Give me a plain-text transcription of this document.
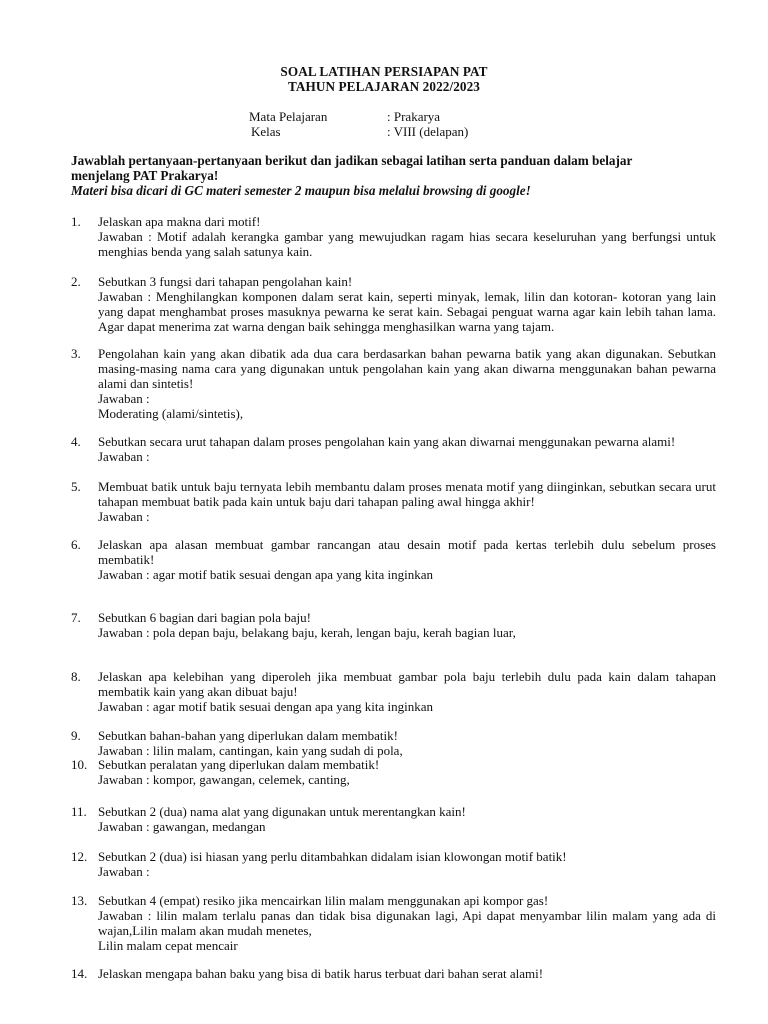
SOAL LATIHAN PERSIAPAN PAT
TAHUN PELAJARAN 2022/2023
Mata Pelajaran	: Prakarya
Kelas	: VIII (delapan)
Jawablah pertanyaan-pertanyaan berikut dan jadikan sebagai latihan serta panduan dalam belajar
menjelang PAT Prakarya!
Materi bisa dicari di GC materi semester 2 maupun bisa melalui browsing di google!
1.	Jelaskan apa makna dari motif!
Jawaban : Motif adalah kerangka gambar yang mewujudkan ragam hias secara keseluruhan yang berfungsi untuk menghias benda yang salah satunya kain.
2.	Sebutkan 3 fungsi dari tahapan pengolahan kain!
Jawaban : Menghilangkan komponen dalam serat kain, seperti minyak, lemak, lilin dan kotoran- kotoran yang lain yang dapat menghambat proses masuknya pewarna ke serat kain. Sebagai penguat warna agar kain lebih tahan lama. Agar dapat menerima zat warna dengan baik sehingga menghasilkan warna yang tajam.
3.	Pengolahan kain yang akan dibatik ada dua cara berdasarkan bahan pewarna batik yang akan digunakan. Sebutkan masing-masing nama cara yang digunakan untuk pengolahan kain yang akan diwarna menggunakan bahan pewarna alami dan sintetis!
Jawaban :
Moderating (alami/sintetis),
4.	Sebutkan secara urut tahapan dalam proses pengolahan kain yang akan diwarnai menggunakan pewarna alami!
Jawaban :
5.	Membuat batik untuk baju ternyata lebih membantu dalam proses menata motif yang diinginkan, sebutkan secara urut tahapan membuat batik pada kain untuk baju dari tahapan paling awal hingga akhir!
Jawaban :
6.	Jelaskan apa alasan membuat gambar rancangan atau desain motif pada kertas terlebih dulu sebelum proses membatik!
Jawaban : agar motif batik sesuai dengan apa yang kita inginkan
7.	Sebutkan 6 bagian dari bagian pola baju!
Jawaban : pola depan baju, belakang baju, kerah, lengan baju, kerah bagian luar,
8.	Jelaskan apa kelebihan yang diperoleh jika membuat gambar pola baju terlebih dulu pada kain dalam tahapan membatik kain yang akan dibuat baju!
Jawaban : agar motif batik sesuai dengan apa yang kita inginkan
9.	Sebutkan bahan-bahan yang diperlukan dalam membatik!
Jawaban : lilin malam, cantingan, kain yang sudah di pola,
10. Sebutkan peralatan yang diperlukan dalam membatik!
Jawaban : kompor, gawangan, celemek, canting,
11. Sebutkan 2 (dua) nama alat yang digunakan untuk merentangkan kain!
Jawaban : gawangan, medangan
12. Sebutkan 2 (dua) isi hiasan yang perlu ditambahkan didalam isian klowongan motif batik!
Jawaban :
13. Sebutkan 4 (empat) resiko jika mencairkan lilin malam menggunakan api kompor gas!
Jawaban : lilin malam terlalu panas dan tidak bisa digunakan lagi, Api dapat menyambar lilin malam yang ada di wajan,Lilin malam akan mudah menetes,
Lilin malam cepat mencair
14. Jelaskan mengapa bahan baku yang bisa di batik harus terbuat dari bahan serat alami!
